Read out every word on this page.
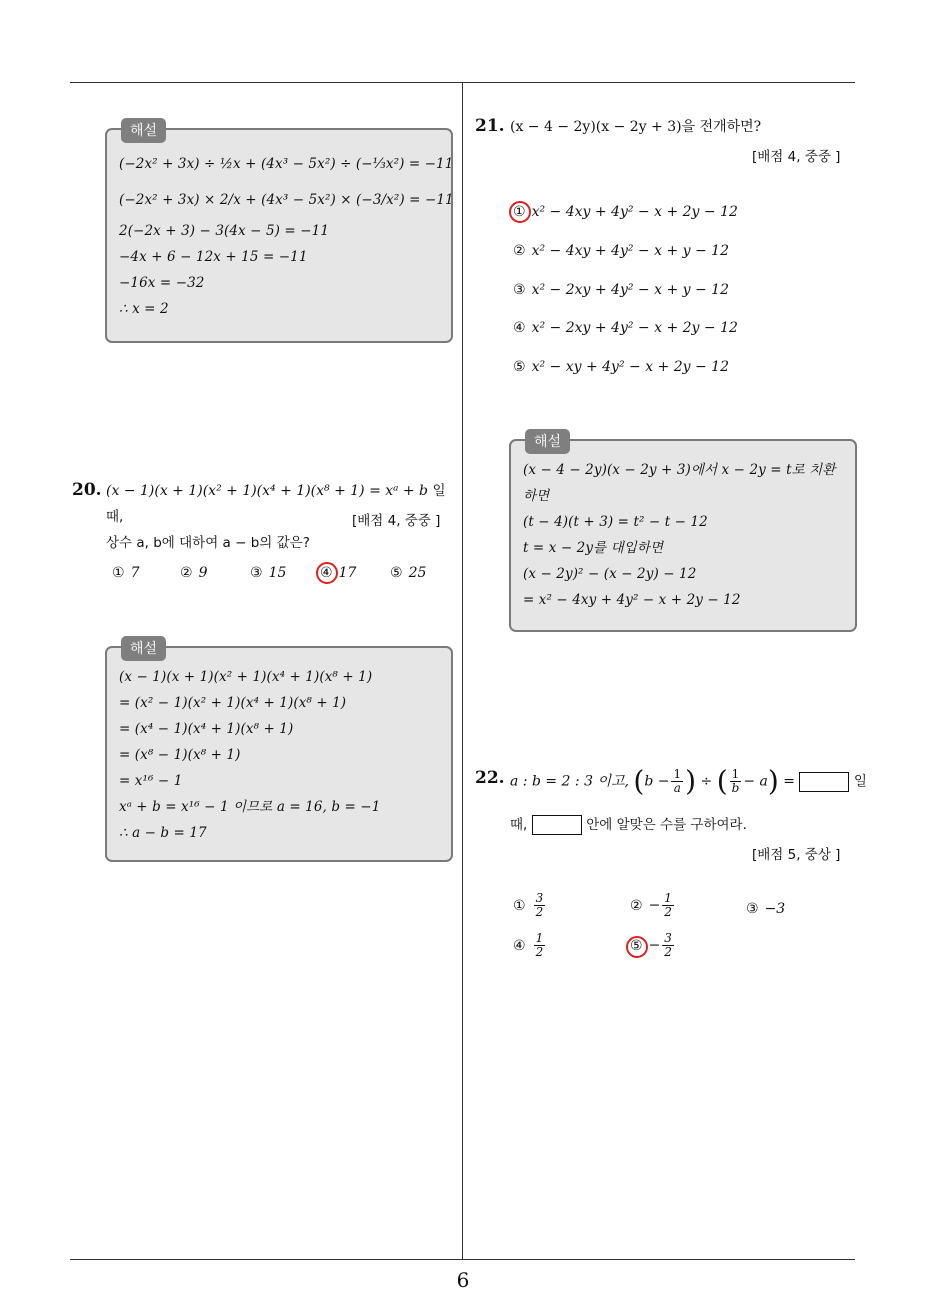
6
해설
(−2x² + 3x) ÷ ½x + (4x³ − 5x²) ÷ (−⅓x²) = −11
(−2x² + 3x) × 2/x + (4x³ − 5x²) × (−3/x²) = −11
2(−2x + 3) − 3(4x − 5) = −11
−4x + 6 − 12x + 15 = −11
−16x = −32
∴ x = 2
20. (x − 1)(x + 1)(x² + 1)(x⁴ + 1)(x⁸ + 1) = xᵃ + b 일 때,
상수 a, b에 대하여 a − b의 값은?
[배점 4, 중중 ]
① 7	② 9	③ 15 ④ 17 ⑤ 25
해설
(x − 1)(x + 1)(x² + 1)(x⁴ + 1)(x⁸ + 1)
= (x² − 1)(x² + 1)(x⁴ + 1)(x⁸ + 1)
= (x⁴ − 1)(x⁴ + 1)(x⁸ + 1)
= (x⁸ − 1)(x⁸ + 1)
= x¹⁶ − 1
xᵃ + b = x¹⁶ − 1 이므로 a = 16, b = −1
∴ a − b = 17
21. (x − 4 − 2y)(x − 2y + 3)을 전개하면?
[배점 4, 중중 ]
① x² − 4xy + 4y² − x + 2y − 12
② x² − 4xy + 4y² − x + y − 12
③ x² − 2xy + 4y² − x + y − 12
④ x² − 2xy + 4y² − x + 2y − 12
⑤ x² − xy + 4y² − x + 2y − 12
해설
(x − 4 − 2y)(x − 2y + 3)에서 x − 2y = t로 치환
하면
(t − 4)(t + 3) = t² − t − 12
t = x − 2y를 대입하면
(x − 2y)² − (x − 2y) − 12
= x² − 4xy + 4y² − x + 2y − 12
22. a : b = 2 : 3 이고, ($b - \frac{1}{a}$ ) ÷ ( $\frac{1}{b} - a$) =	일
때,	안에 알맞은 수를 구하여라.
[배점 5, 중상 ]
① $\frac{3}{2}$	② − $\frac{1}{2}$	③ −3
④ $\frac{1}{2}$	⑤ − $\frac{3}{2}$
